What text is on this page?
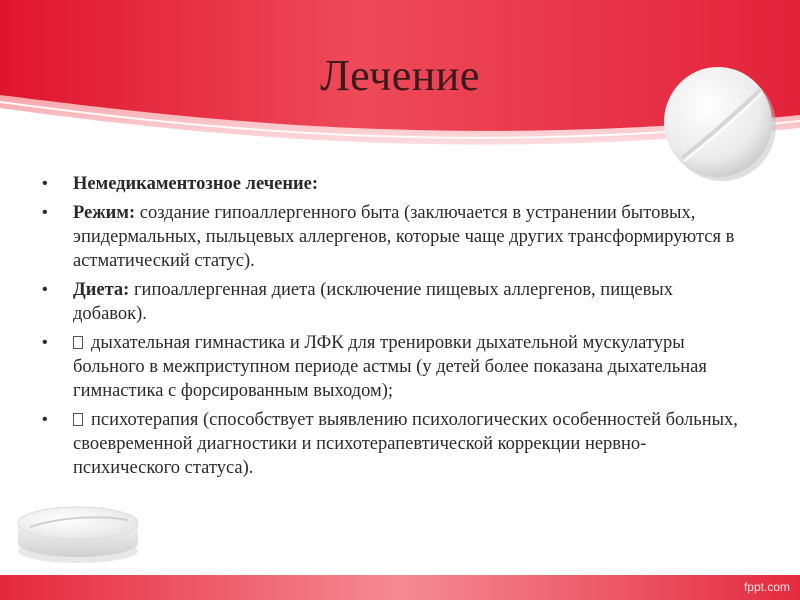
Лечение
• Немедикаментозное лечение:
• Режим: создание гипоаллергенного быта (заключается в устранении бытовых, эпидермальных, пыльцевых аллергенов, которые чаще других трансформируются в астматический статус).
• Диета: гипоаллергенная диета (исключение пищевых аллергенов, пищевых добавок).
• дыхательная гимнастика и ЛФК для тренировки дыхательной мускулатуры больного в межприступном периоде астмы (у детей более показана дыхательная гимнастика с форсированным выходом);
• психотерапия (способствует выявлению психологических особенностей больных, своевременной диагностики и психотерапевтической коррекции нервно-психического статуса).
fppt.com
